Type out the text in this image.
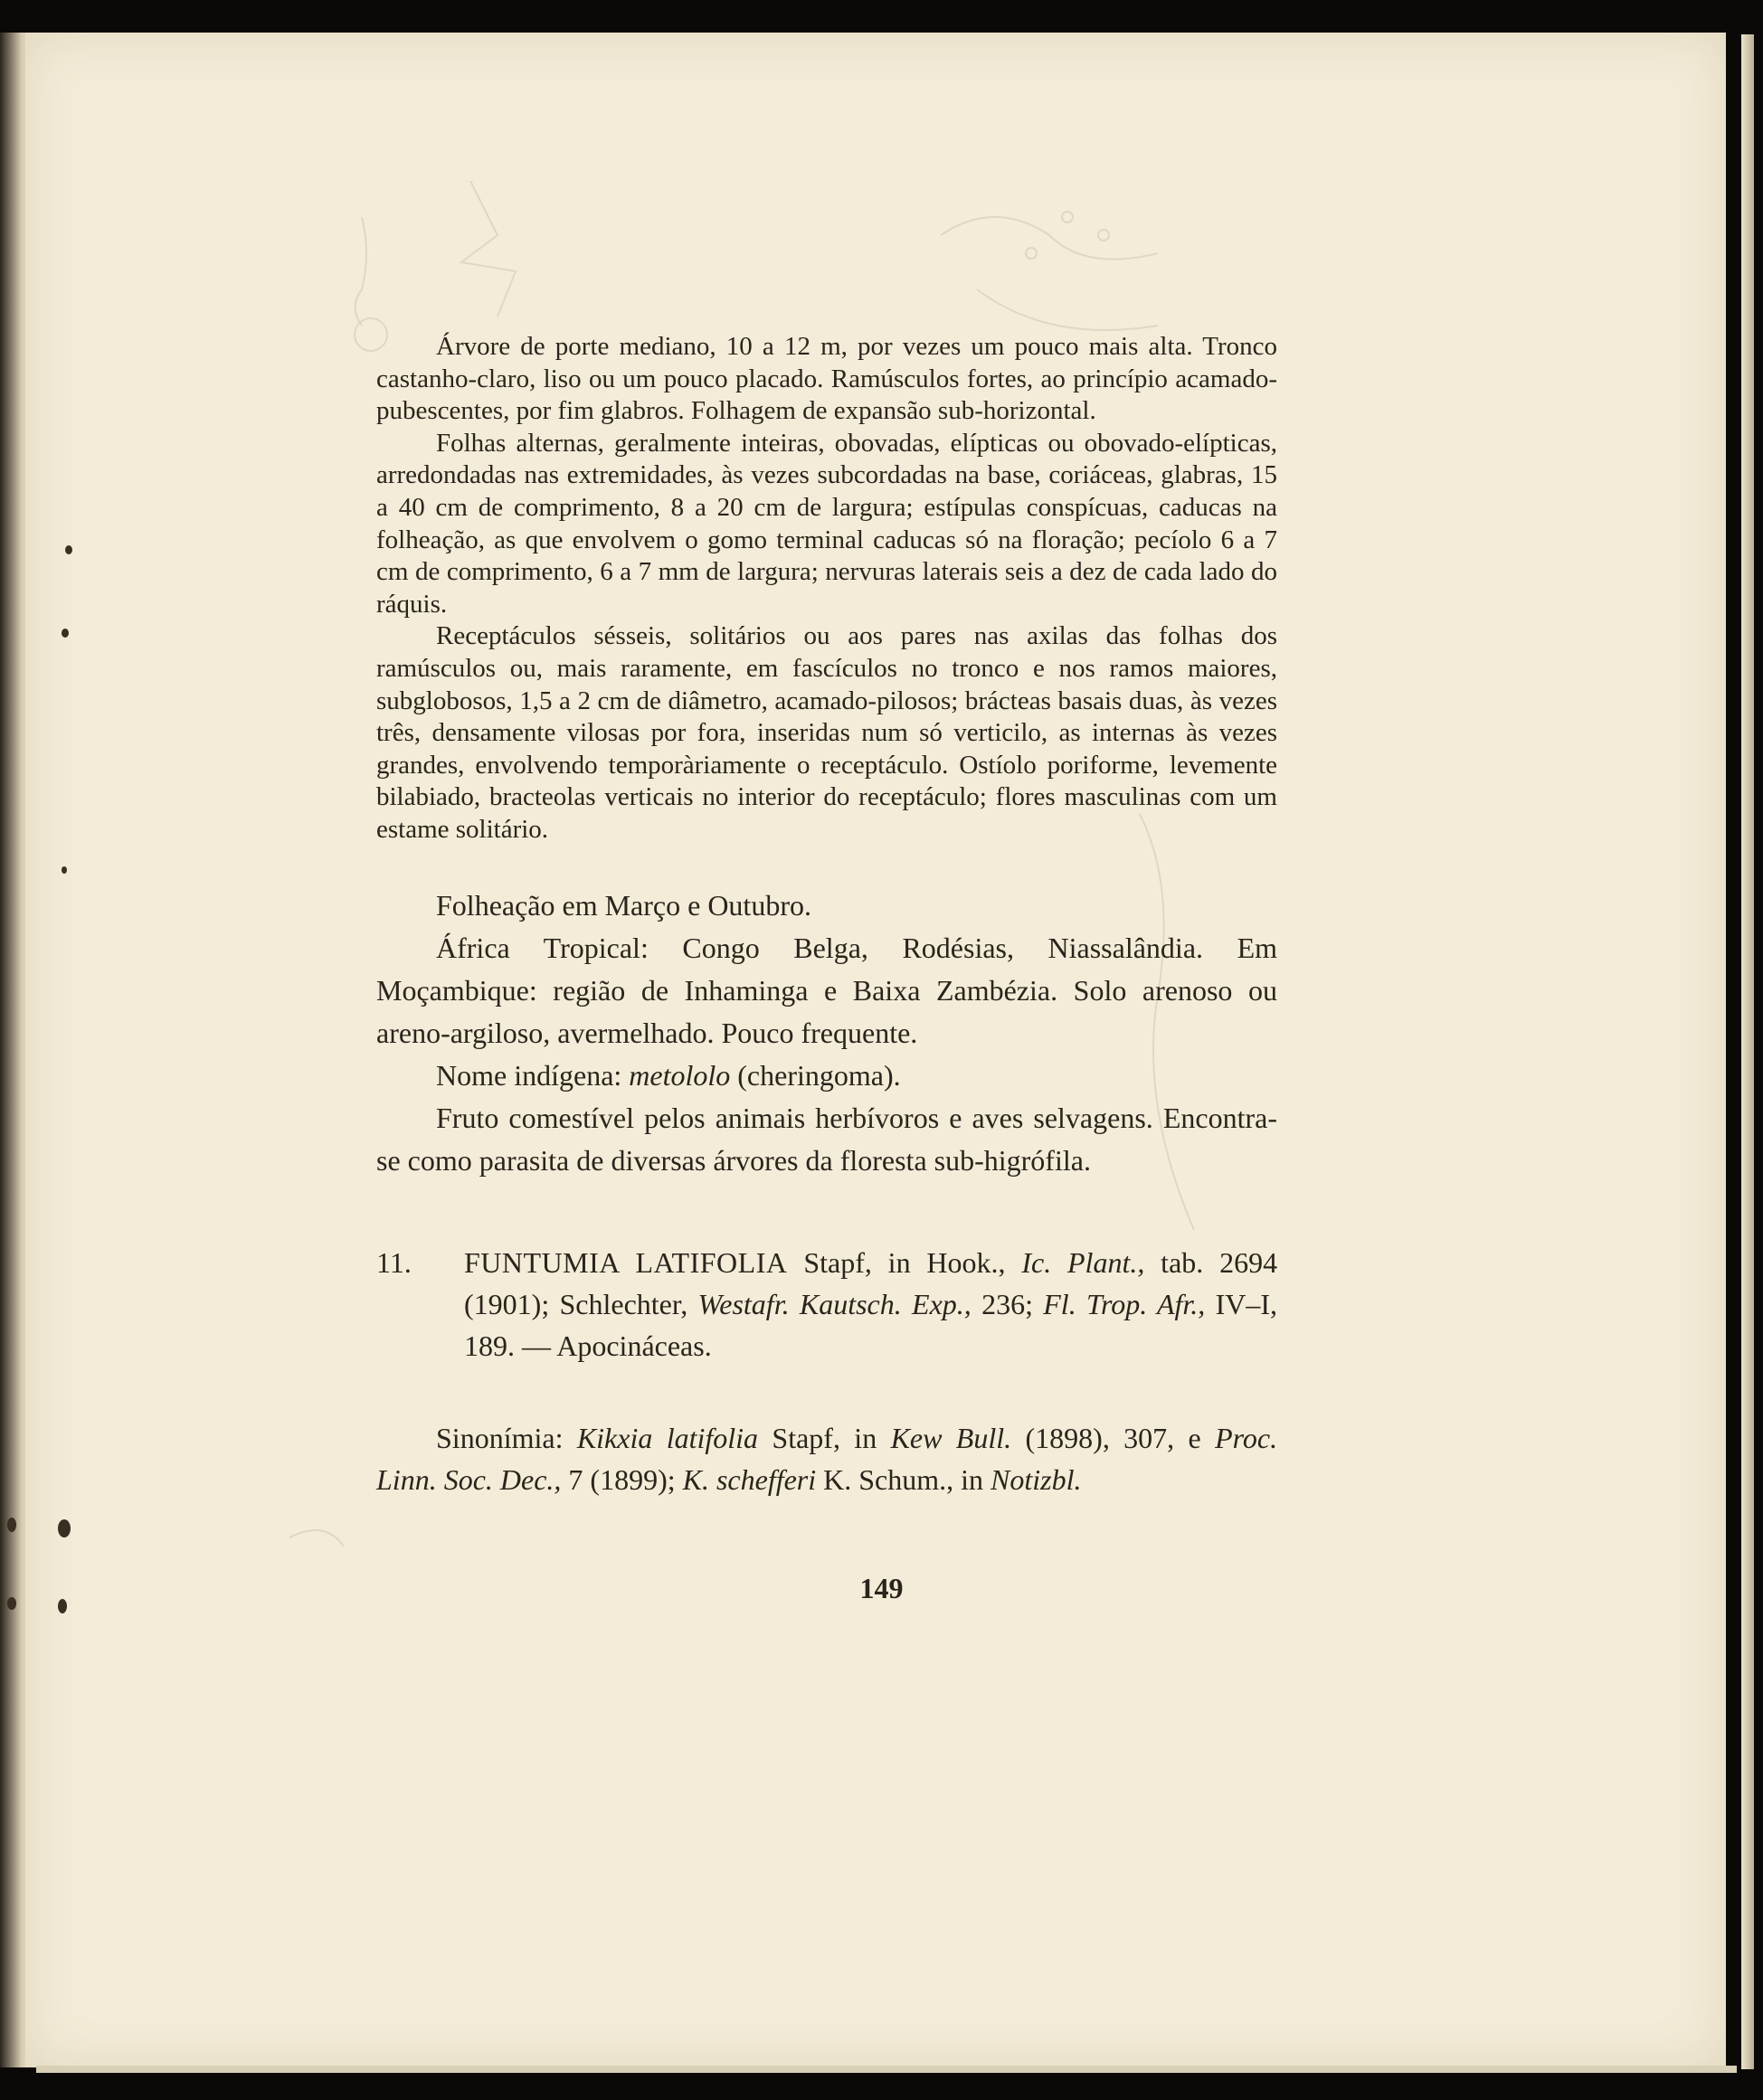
Árvore de porte mediano, 10 a 12 m, por vezes um pouco mais alta. Tronco castanho-claro, liso ou um pouco placado. Ramúsculos fortes, ao princípio acamado-pubescentes, por fim glabros. Folhagem de expansão sub-horizontal.

Folhas alternas, geralmente inteiras, obovadas, elípticas ou obovado-elípticas, arredondadas nas extremidades, às vezes subcordadas na base, coriáceas, glabras, 15 a 40 cm de comprimento, 8 a 20 cm de largura; estípulas conspícuas, caducas na folheação, as que envolvem o gomo terminal caducas só na floração; pecíolo 6 a 7 cm de comprimento, 6 a 7 mm de largura; nervuras laterais seis a dez de cada lado do ráquis.

Receptáculos sésseis, solitários ou aos pares nas axilas das folhas dos ramúsculos ou, mais raramente, em fascículos no tronco e nos ramos maiores, subglobosos, 1,5 a 2 cm de diâmetro, acamado-pilosos; brácteas basais duas, às vezes três, densamente vilosas por fora, inseridas num só verticilo, as internas às vezes grandes, envolvendo temporàriamente o receptáculo. Ostíolo poriforme, levemente bilabiado, bracteolas verticais no interior do receptáculo; flores masculinas com um estame solitário.

Folheação em Março e Outubro.

África Tropical: Congo Belga, Rodésias, Niassalândia. Em Moçambique: região de Inhaminga e Baixa Zambézia. Solo arenoso ou areno-argiloso, avermelhado. Pouco frequente.

Nome indígena: metololo (cheringoma).

Fruto comestível pelos animais herbívoros e aves selvagens. Encontra-se como parasita de diversas árvores da floresta sub-higrófila.

11. FUNTUMIA LATIFOLIA Stapf, in Hook., Ic. Plant., tab. 2694 (1901); Schlechter, Westafr. Kautsch. Exp., 236; Fl. Trop. Afr., IV–I, 189. — Apocináceas.

Sinonímia: Kikxia latifolia Stapf, in Kew Bull. (1898), 307, e Proc. Linn. Soc. Dec., 7 (1899); K. schefferi K. Schum., in Notizbl.

149
